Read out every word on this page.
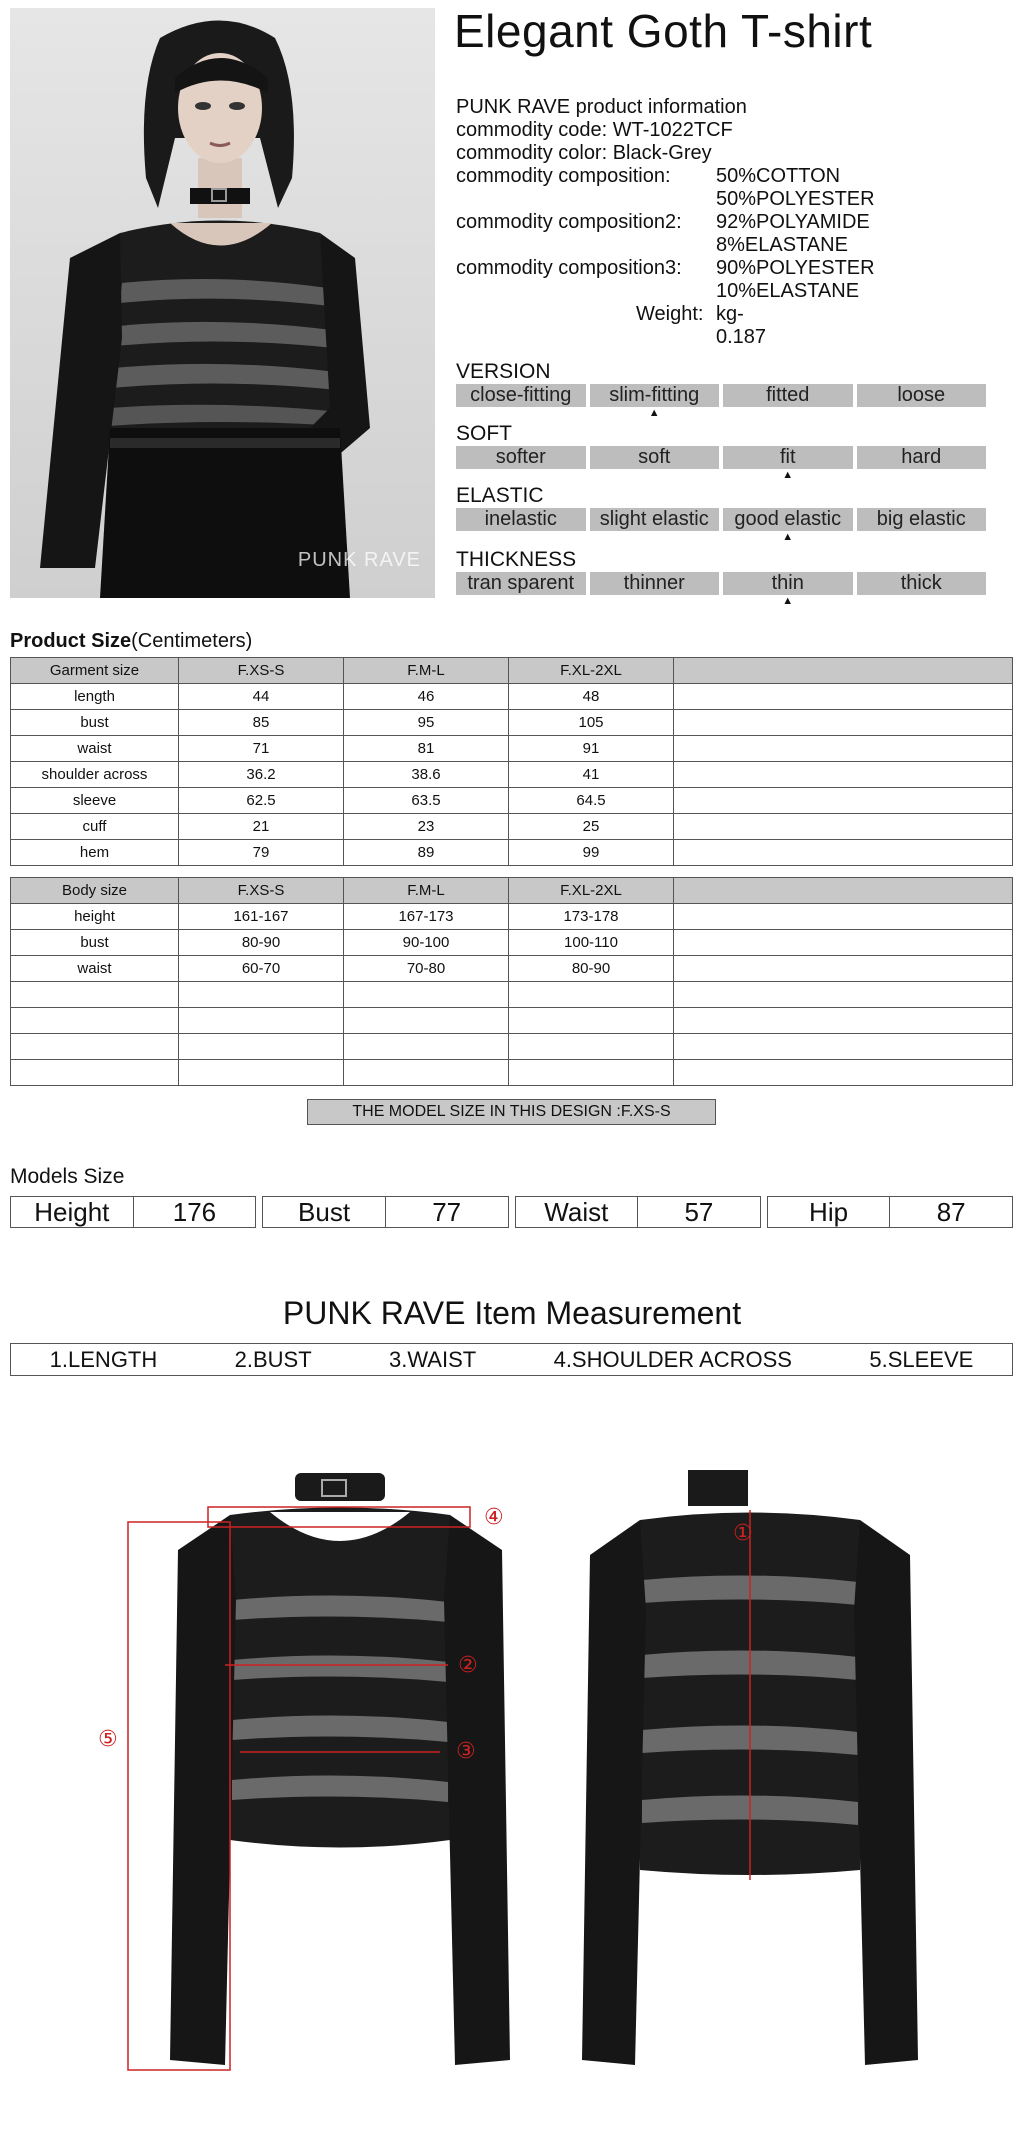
PUNK RAVE
Elegant Goth T-shirt
PUNK RAVE product information
commodity code:
WT-1022TCF
commodity color:
Black-Grey
commodity composition: 50%COTTON
50%POLYESTER
commodity composition2: 92%POLYAMIDE
8%ELASTANE
commodity composition3: 90%POLYESTER
10%ELASTANE
Weight: kg-0.187
VERSION
close-fitting	slim-fitting	fitted	loose
▲
SOFT
softer	soft	fit	hard
▲
ELASTIC
inelastic	slight elastic	good elastic	big elastic
▲
THICKNESS
tran sparent	thinner	thin	thick
▲
Product Size(Centimeters)
Garment size	F.XS-S	F.M-L	F.XL-2XL	
length	44	46	48	
bust	85	95	105	
waist	71	81	91	
shoulder across	36.2	38.6	41	
sleeve	62.5	63.5	64.5	
cuff	21	23	25	
hem	79	89	99	
Body size	F.XS-S	F.M-L	F.XL-2XL	
height	161-167	167-173	173-178	
bust	80-90	90-100	100-110	
waist	60-70	70-80	80-90	

THE MODEL SIZE IN THIS DESIGN :F.XS-S
Models Size
Height	176	Bust	77	Waist	57	Hip	87
PUNK RAVE Item Measurement
1.LENGTH	2.BUST	3.WAIST	4.SHOULDER ACROSS	5.SLEEVE
①
②
③
④
⑤
